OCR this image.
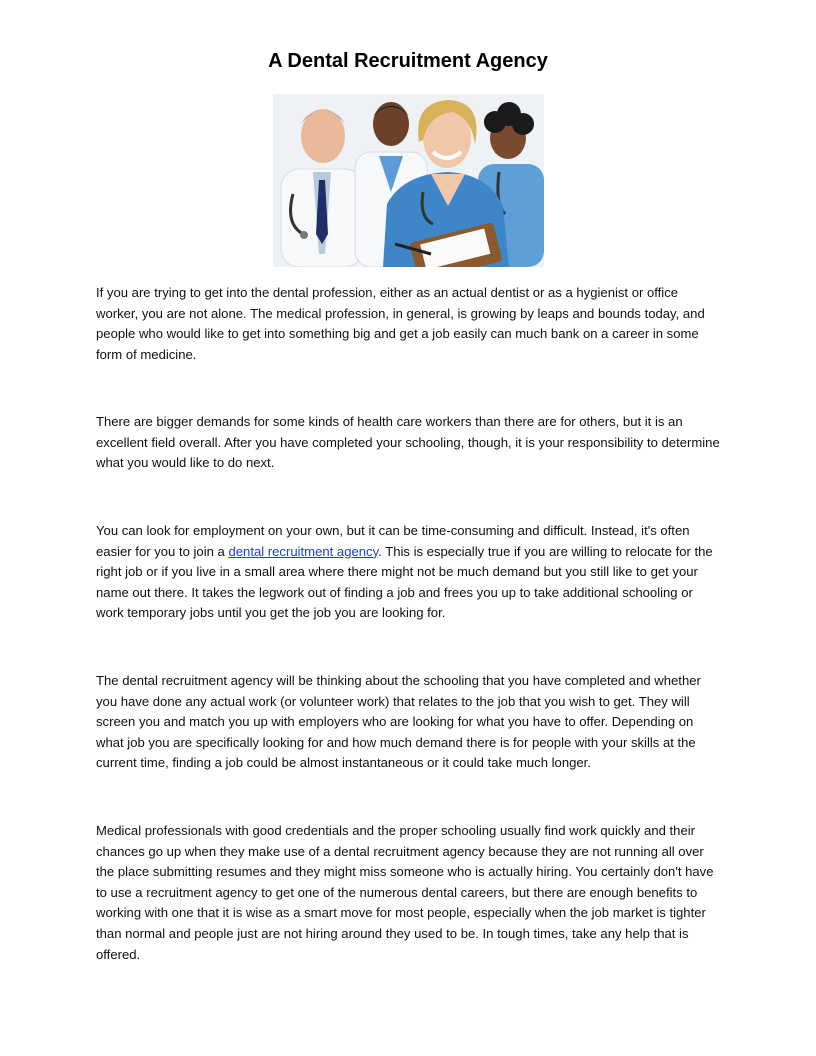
A Dental Recruitment Agency

If you are trying to get into the dental profession, either as an actual dentist or as a hygienist or office worker, you are not alone. The medical profession, in general, is growing by leaps and bounds today, and people who would like to get into something big and get a job easily can much bank on a career in some form of medicine.

There are bigger demands for some kinds of health care workers than there are for others, but it is an excellent field overall. After you have completed your schooling, though, it is your responsibility to determine what you would like to do next.

You can look for employment on your own, but it can be time-consuming and difficult. Instead, it's often easier for you to join a dental recruitment agency. This is especially true if you are willing to relocate for the right job or if you live in a small area where there might not be much demand but you still like to get your name out there. It takes the legwork out of finding a job and frees you up to take additional schooling or work temporary jobs until you get the job you are looking for.

The dental recruitment agency will be thinking about the schooling that you have completed and whether you have done any actual work (or volunteer work) that relates to the job that you wish to get. They will screen you and match you up with employers who are looking for what you have to offer. Depending on what job you are specifically looking for and how much demand there is for people with your skills at the current time, finding a job could be almost instantaneous or it could take much longer.

Medical professionals with good credentials and the proper schooling usually find work quickly and their chances go up when they make use of a dental recruitment agency because they are not running all over the place submitting resumes and they might miss someone who is actually hiring. You certainly don't have to use a recruitment agency to get one of the numerous dental careers, but there are enough benefits to working with one that it is wise as a smart move for most people, especially when the job market is tighter than normal and people just are not hiring around they used to be. In tough times, take any help that is offered.
